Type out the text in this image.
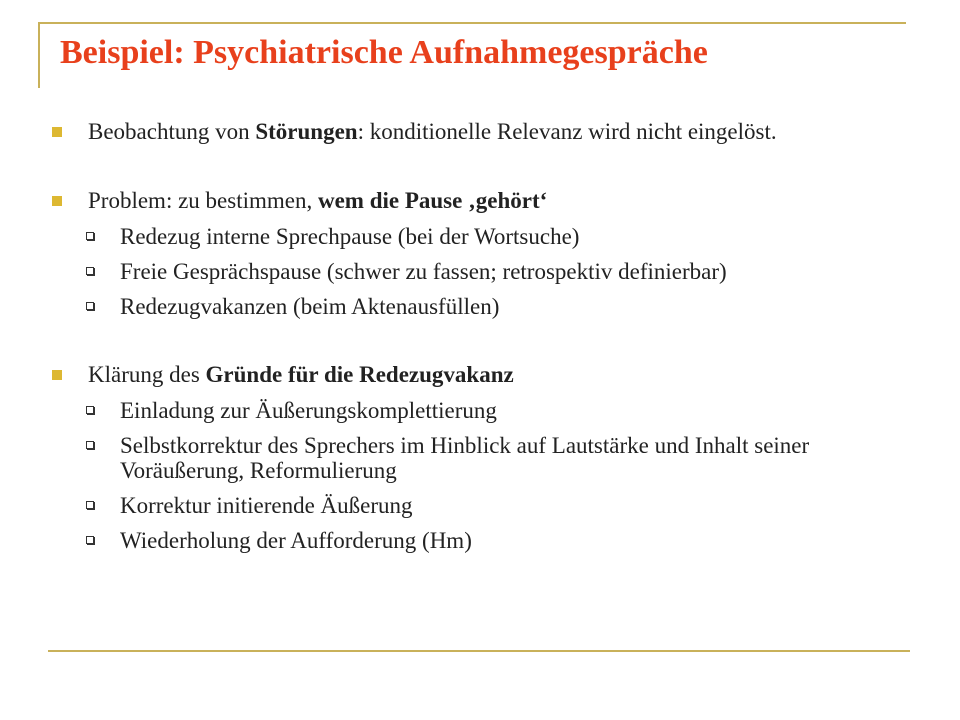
Beispiel: Psychiatrische Aufnahmegespräche
Beobachtung von Störungen: konditionelle Relevanz wird nicht eingelöst.
Problem: zu bestimmen, wem die Pause ‚gehört‘
Redezug interne Sprechpause (bei der Wortsuche)
Freie Gesprächspause (schwer zu fassen; retrospektiv definierbar)
Redezugvakanzen (beim Aktenausfüllen)
Klärung des Gründe für die Redezugvakanz
Einladung zur Äußerungskomplettierung
Selbstkorrektur des Sprechers im Hinblick auf Lautstärke und Inhalt seiner Voräußerung, Reformulierung
Korrektur initierende Äußerung
Wiederholung der Aufforderung (Hm)
